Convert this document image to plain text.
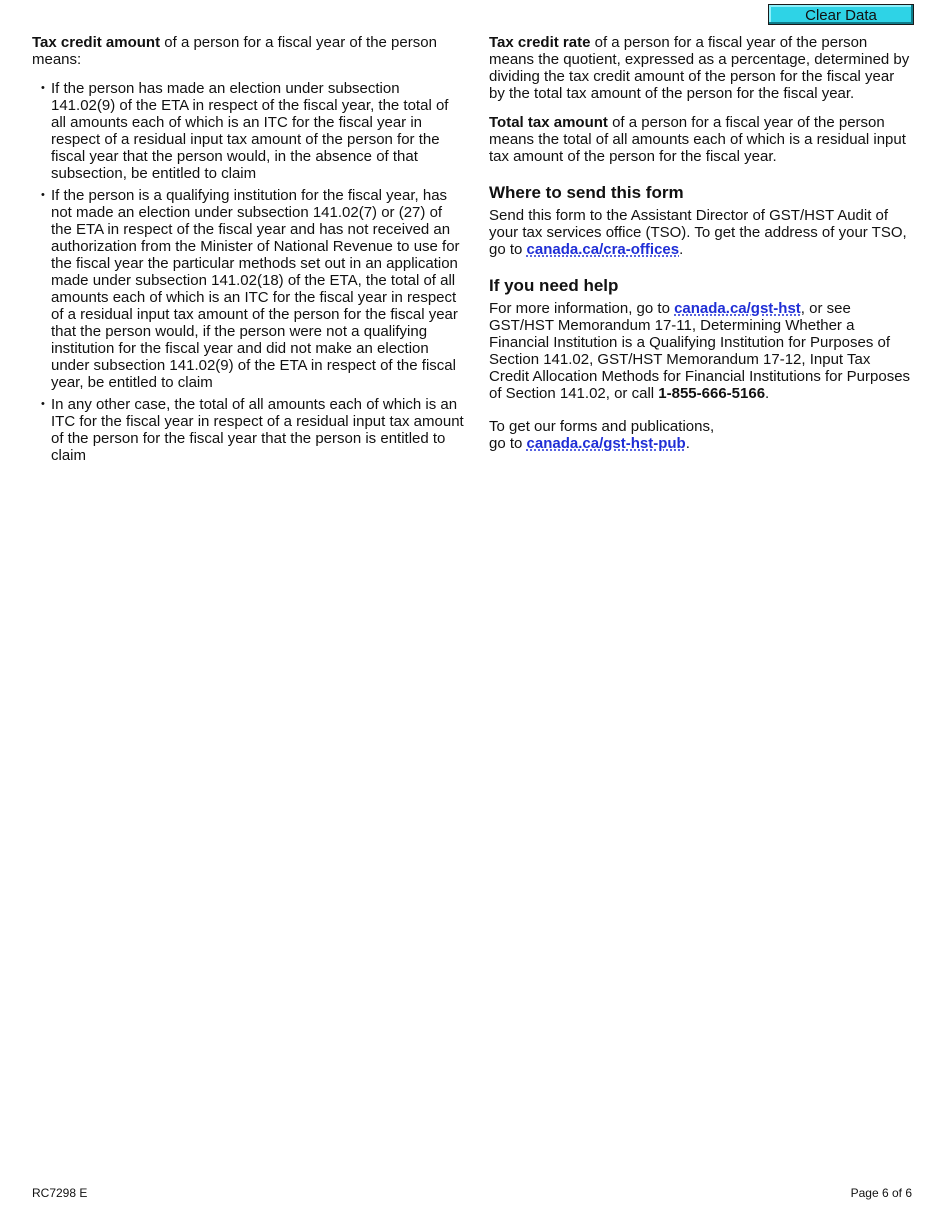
Clear Data

Tax credit amount of a person for a fiscal year of the person means:

• If the person has made an election under subsection 141.02(9) of the ETA in respect of the fiscal year, the total of all amounts each of which is an ITC for the fiscal year in respect of a residual input tax amount of the person for the fiscal year that the person would, in the absence of that subsection, be entitled to claim
• If the person is a qualifying institution for the fiscal year, has not made an election under subsection 141.02(7) or (27) of the ETA in respect of the fiscal year and has not received an authorization from the Minister of National Revenue to use for the fiscal year the particular methods set out in an application made under subsection 141.02(18) of the ETA, the total of all amounts each of which is an ITC for the fiscal year in respect of a residual input tax amount of the person for the fiscal year that the person would, if the person were not a qualifying institution for the fiscal year and did not make an election under subsection 141.02(9) of the ETA in respect of the fiscal year, be entitled to claim
• In any other case, the total of all amounts each of which is an ITC for the fiscal year in respect of a residual input tax amount of the person for the fiscal year that the person is entitled to claim

Tax credit rate of a person for a fiscal year of the person means the quotient, expressed as a percentage, determined by dividing the tax credit amount of the person for the fiscal year by the total tax amount of the person for the fiscal year.

Total tax amount of a person for a fiscal year of the person means the total of all amounts each of which is a residual input tax amount of the person for the fiscal year.

Where to send this form

Send this form to the Assistant Director of GST/HST Audit of your tax services office (TSO). To get the address of your TSO, go to canada.ca/cra-offices.

If you need help

For more information, go to canada.ca/gst-hst, or see GST/HST Memorandum 17-11, Determining Whether a Financial Institution is a Qualifying Institution for Purposes of Section 141.02, GST/HST Memorandum 17-12, Input Tax Credit Allocation Methods for Financial Institutions for Purposes of Section 141.02, or call 1-855-666-5166.

To get our forms and publications,
go to canada.ca/gst-hst-pub.

RC7298 E	Page 6 of 6
